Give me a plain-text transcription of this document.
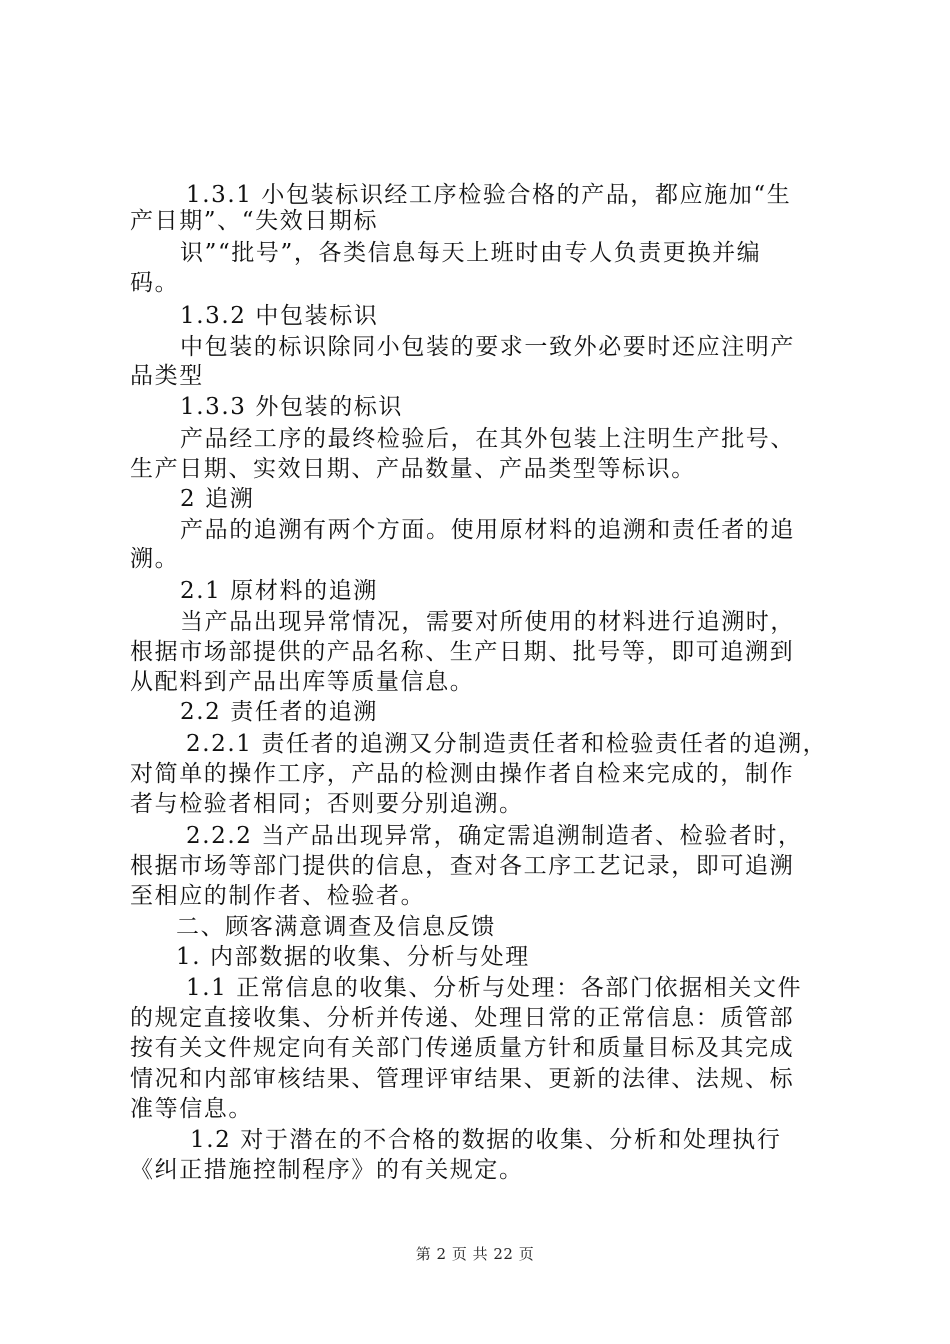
1.3.1 小包装标识经工序检验合格的产品，都应施加“生
产日期”、“失效日期标
识”“批号”，各类信息每天上班时由专人负责更换并编
码。
1.3.2 中包装标识
中包装的标识除同小包装的要求一致外必要时还应注明产
品类型
1.3.3 外包装的标识
产品经工序的最终检验后，在其外包装上注明生产批号、
生产日期、实效日期、产品数量、产品类型等标识。
2 追溯
产品的追溯有两个方面。使用原材料的追溯和责任者的追
溯。
2.1 原材料的追溯
当产品出现异常情况，需要对所使用的材料进行追溯时，
根据市场部提供的产品名称、生产日期、批号等，即可追溯到
从配料到产品出库等质量信息。
2.2 责任者的追溯
2.2.1 责任者的追溯又分制造责任者和检验责任者的追溯，
对简单的操作工序，产品的检测由操作者自检来完成的，制作
者与检验者相同；否则要分别追溯。
2.2.2 当产品出现异常，确定需追溯制造者、检验者时，
根据市场等部门提供的信息，查对各工序工艺记录，即可追溯
至相应的制作者、检验者。
二、顾客满意调查及信息反馈
1. 内部数据的收集、分析与处理
1.1 正常信息的收集、分析与处理：各部门依据相关文件
的规定直接收集、分析并传递、处理日常的正常信息：质管部
按有关文件规定向有关部门传递质量方针和质量目标及其完成
情况和内部审核结果、管理评审结果、更新的法律、法规、标
准等信息。
1.2 对于潜在的不合格的数据的收集、分析和处理执行
《纠正措施控制程序》的有关规定。
第 2 页 共 22 页
